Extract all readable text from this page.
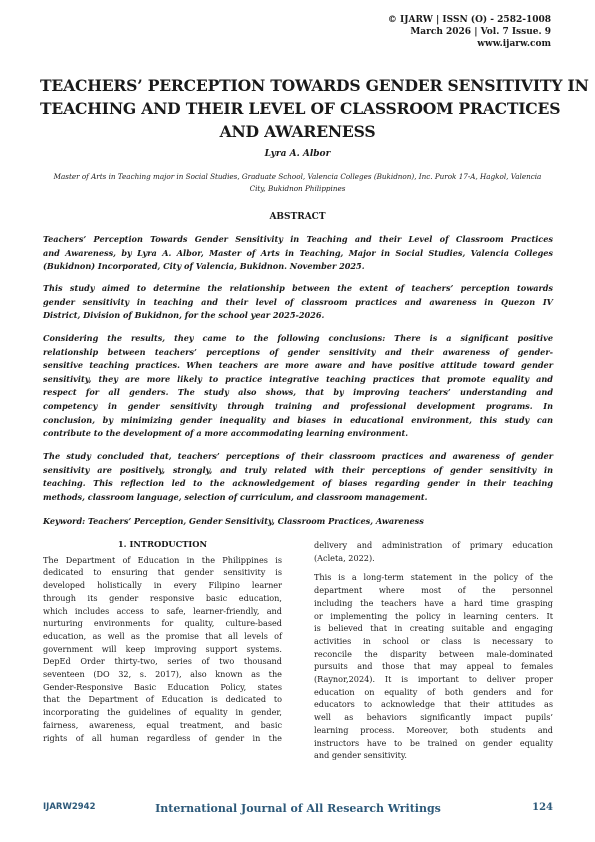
© IJARW | ISSN (O) - 2582-1008
March 2026 | Vol. 7 Issue. 9
www.ijarw.com
TEACHERS’ PERCEPTION TOWARDS GENDER SENSITIVITY IN
TEACHING AND THEIR LEVEL OF CLASSROOM PRACTICES
AND AWARENESS
Lyra A. Albor
Master of Arts in Teaching major in Social Studies, Graduate School, Valencia Colleges (Bukidnon), Inc. Purok 17-A, Hagkol, Valencia
City, Bukidnon Philippines
ABSTRACT
Teachers’ Perception Towards Gender Sensitivity in Teaching and their Level of Classroom Practices
and Awareness, by Lyra A. Albor, Master of Arts in Teaching, Major in Social Studies, Valencia Colleges
(Bukidnon) Incorporated, City of Valencia, Bukidnon. November 2025.
This study aimed to determine the relationship between the extent of teachers’ perception towards
gender sensitivity in teaching and their level of classroom practices and awareness in Quezon IV
District, Division of Bukidnon, for the school year 2025-2026.
Considering the results, they came to the following conclusions: There is a significant positive
relationship between teachers’ perceptions of gender sensitivity and their awareness of gender-
sensitive teaching practices. When teachers are more aware and have positive attitude toward gender
sensitivity, they are more likely to practice integrative teaching practices that promote equality and
respect for all genders. The study also shows, that by improving teachers’ understanding and
competency in gender sensitivity through training and professional development programs. In
conclusion, by minimizing gender inequality and biases in educational environment, this study can
contribute to the development of a more accommodating learning environment.
The study concluded that, teachers’ perceptions of their classroom practices and awareness of gender
sensitivity are positively, strongly, and truly related with their perceptions of gender sensitivity in
teaching. This reflection led to the acknowledgement of biases regarding gender in their teaching
methods, classroom language, selection of curriculum, and classroom management.
Keyword: Teachers’ Perception, Gender Sensitivity, Classroom Practices, Awareness
1. INTRODUCTION
The Department of Education in the Philippines is
dedicated to ensuring that gender sensitivity is
developed holistically in every Filipino learner
through its gender responsive basic education,
which includes access to safe, learner-friendly, and
nurturing environments for quality, culture-based
education, as well as the promise that all levels of
government will keep improving support systems.
DepEd Order thirty-two, series of two thousand
seventeen (DO 32, s. 2017), also known as the
Gender-Responsive Basic Education Policy, states
that the Department of Education is dedicated to
incorporating the guidelines of equality in gender,
fairness, awareness, equal treatment, and basic
rights of all human regardless of gender in the
delivery and administration of primary education
(Acleta, 2022).
This is a long-term statement in the policy of the
department where most of the personnel
including the teachers have a hard time grasping
or implementing the policy in learning centers. It
is believed that in creating suitable and engaging
activities in school or class is necessary to
reconcile the disparity between male-dominated
pursuits and those that may appeal to females
(Raynor,2024). It is important to deliver proper
education on equality of both genders and for
educators to acknowledge that their attitudes as
well as behaviors significantly impact pupils’
learning process. Moreover, both students and
instructors have to be trained on gender equality
and gender sensitivity.
IJARW2942	International Journal of All Research Writings	124
